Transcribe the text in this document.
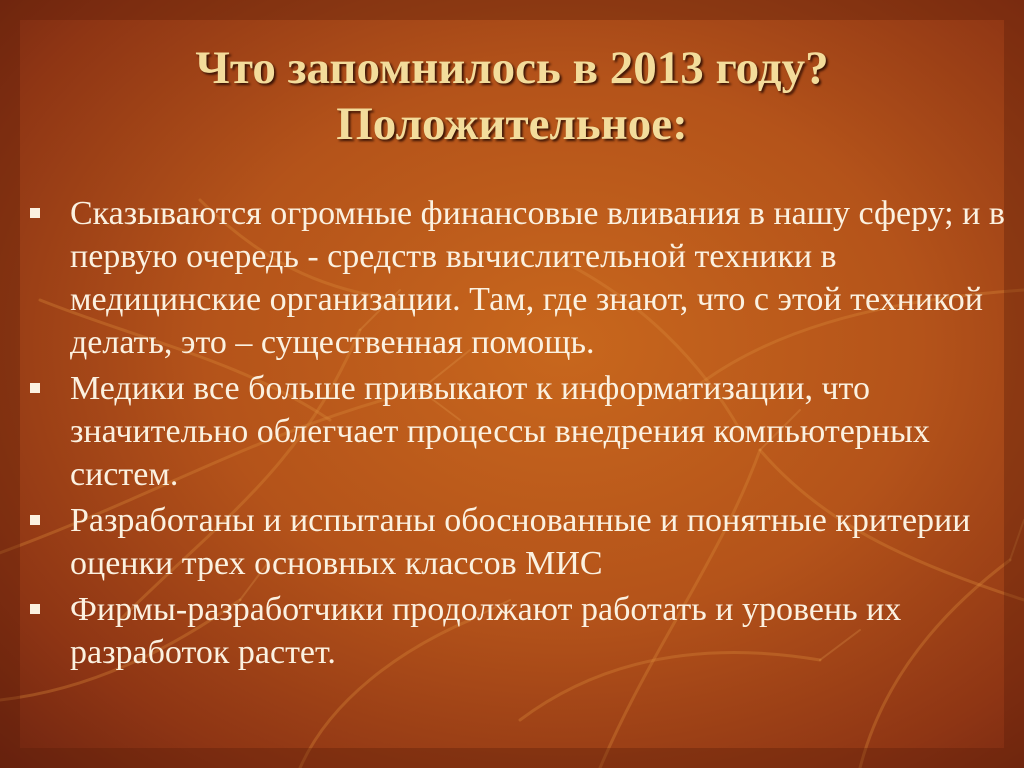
Что запомнилось в 2013 году?
Положительное:
Сказываются огромные финансовые вливания в нашу сферу; и в первую очередь - средств вычислительной техники в медицинские организации. Там, где знают, что с этой техникой делать, это – существенная помощь.
Медики все больше привыкают к информатизации, что значительно облегчает процессы внедрения компьютерных систем.
Разработаны и испытаны обоснованные и понятные критерии оценки трех основных классов МИС
Фирмы-разработчики продолжают работать и уровень их разработок растет.
